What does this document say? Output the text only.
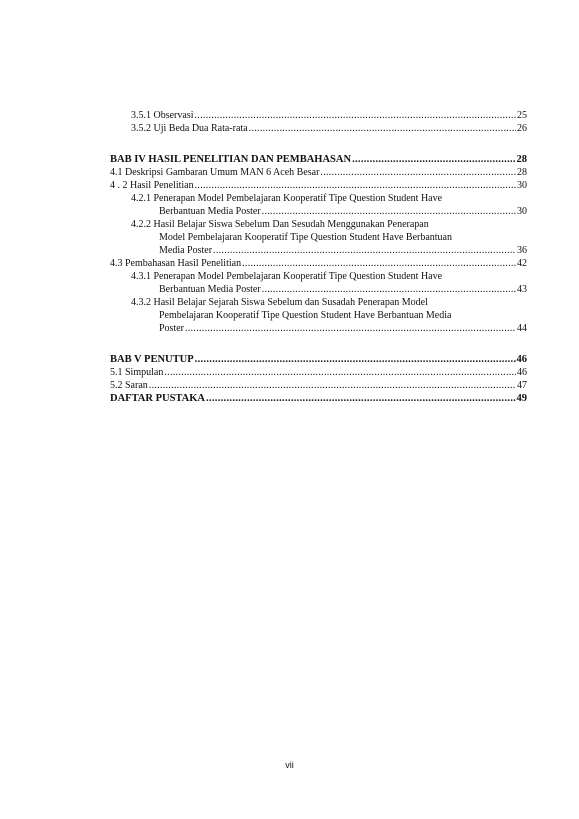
3.5.1 Observasi .....	25
3.5.2 Uji Beda Dua Rata-rata .....	26
BAB IV HASIL PENELITIAN DAN PEMBAHASAN .....	28
4.1 Deskripsi Gambaran Umum MAN 6 Aceh Besar .....	28
4 . 2 Hasil Penelitian .....	30
4.2.1 Penerapan Model Pembelajaran Kooperatif Tipe Question Student Have
Berbantuan Media Poster .....	30
4.2.2 Hasil Belajar Siswa Sebelum Dan Sesudah Menggunakan Penerapan
Model Pembelajaran Kooperatif Tipe Question Student Have Berbantuan
Media Poster .....	36
4.3 Pembahasan Hasil Penelitian .....	42
4.3.1 Penerapan Model Pembelajaran Kooperatif Tipe Question Student Have
Berbantuan Media Poster .....	43
4.3.2 Hasil Belajar Sejarah Siswa Sebelum dan Susadah Penerapan Model
Pembelajaran Kooperatif Tipe Question Student Have Berbantuan Media
Poster .....	44
BAB V PENUTUP .....	46
5.1 Simpulan .....	46
5.2 Saran .....	47
DAFTAR PUSTAKA .....	49
vii
